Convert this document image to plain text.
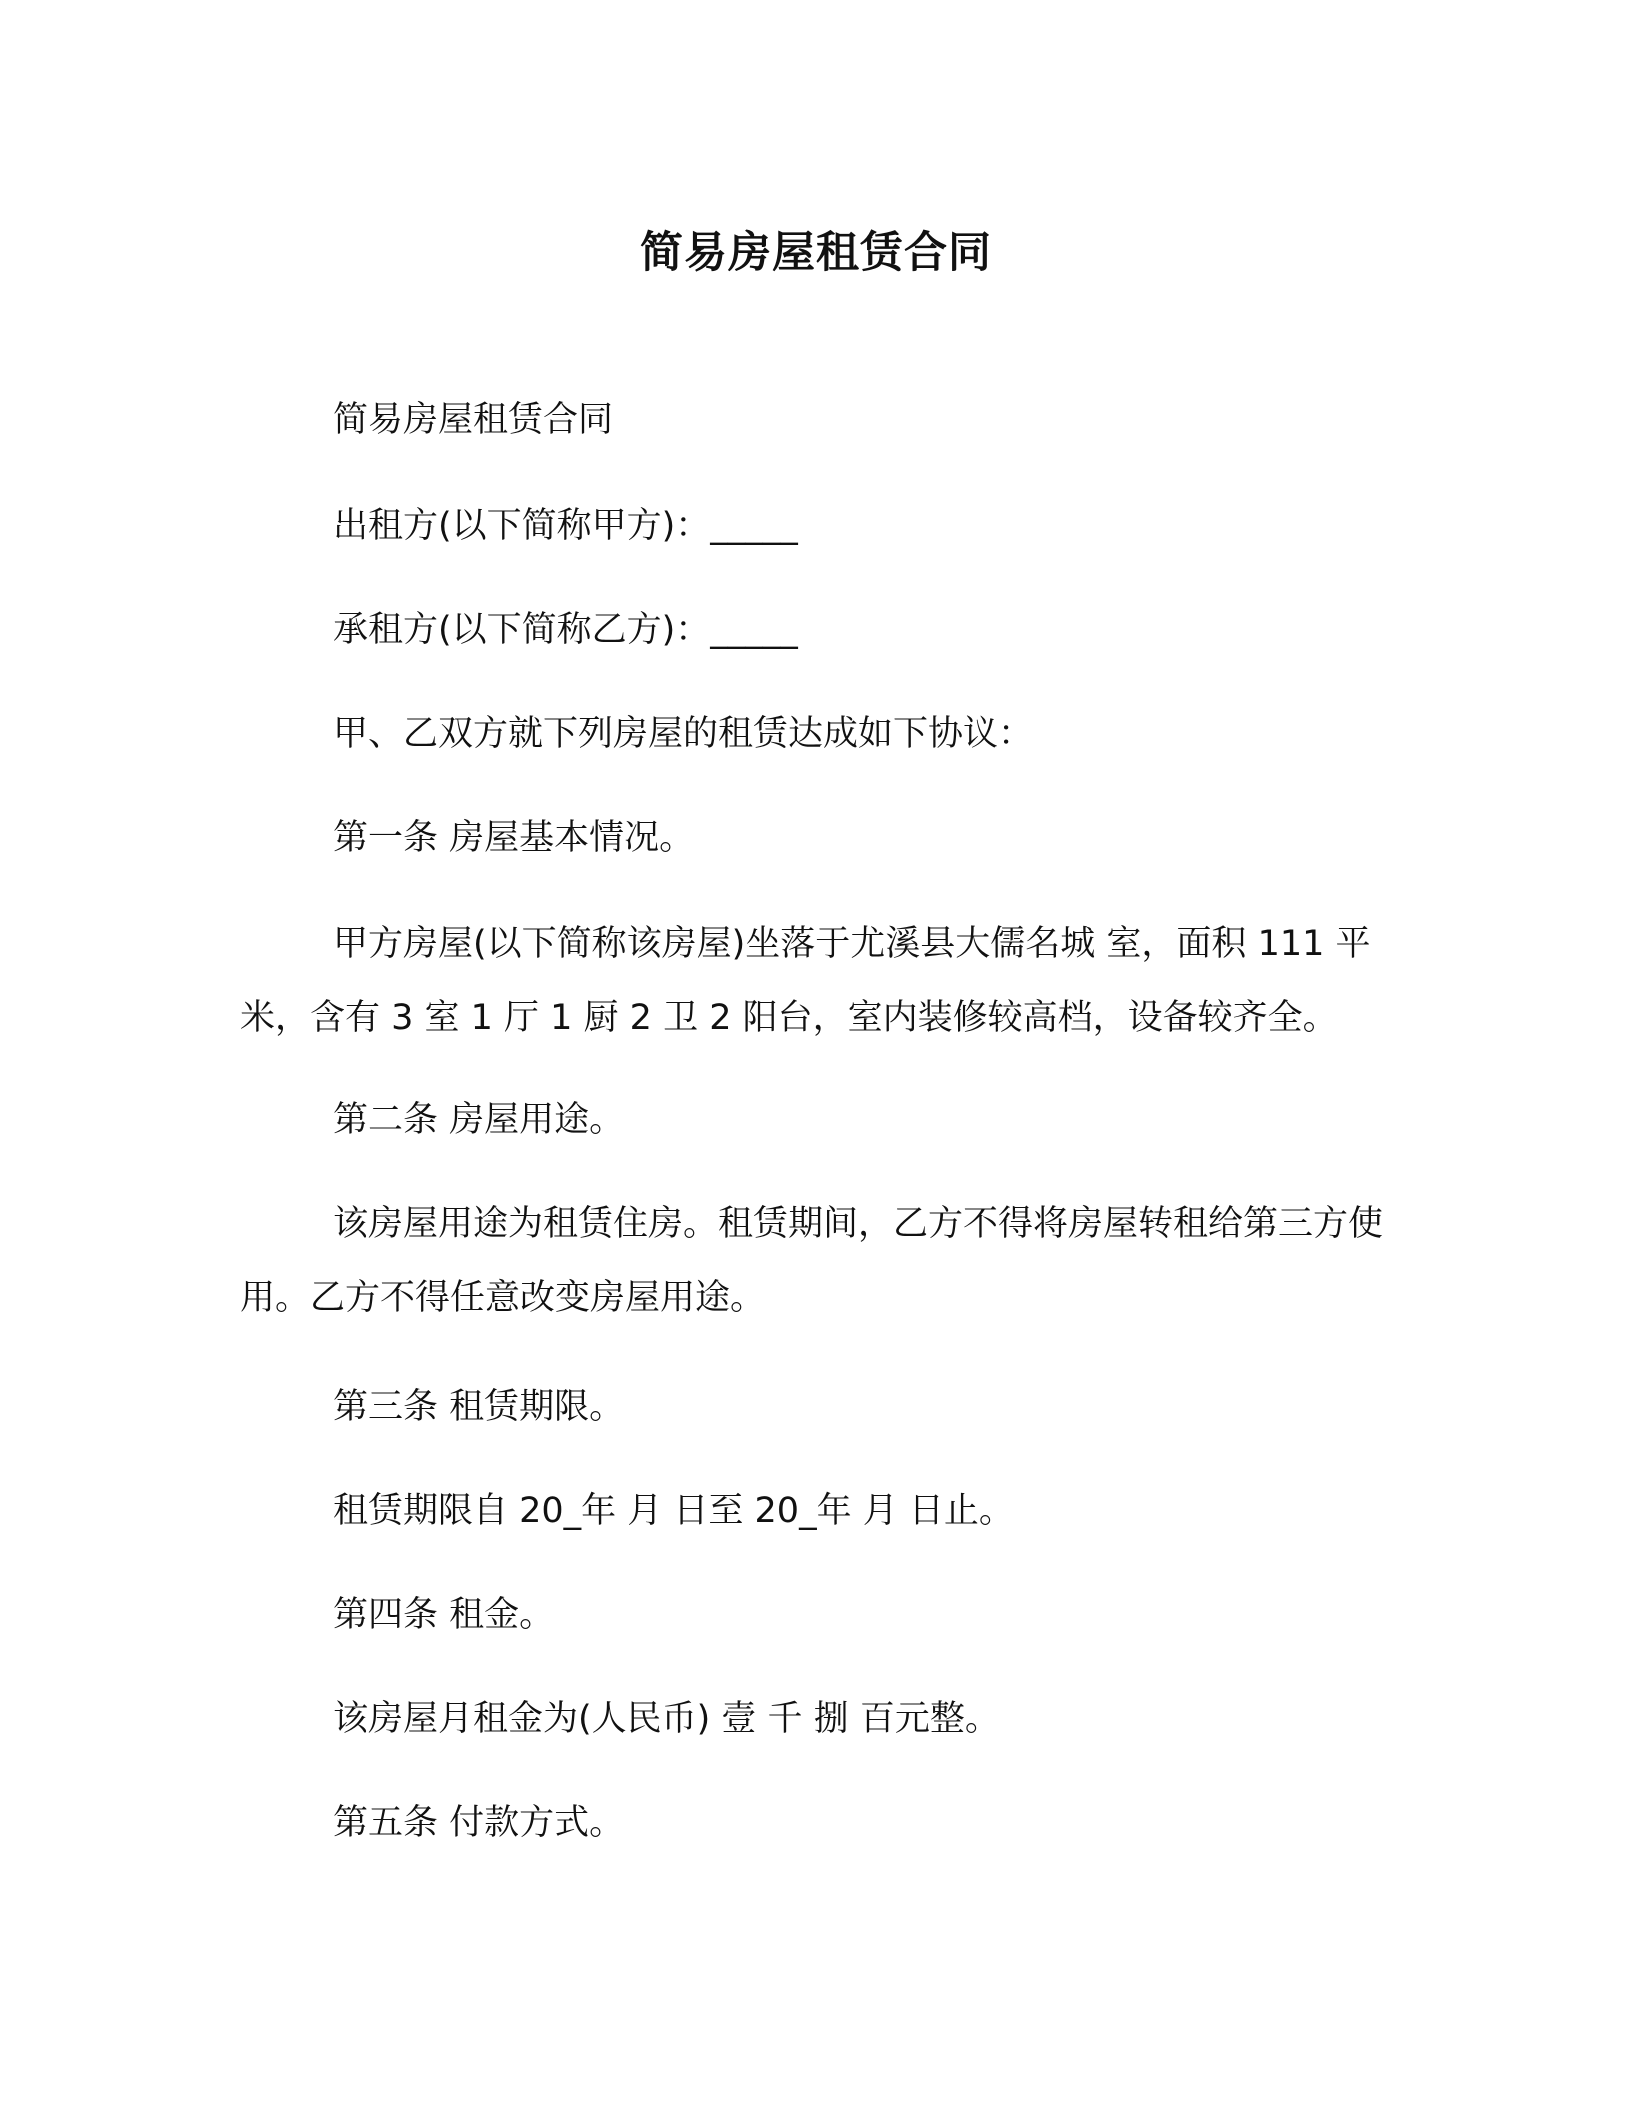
简易房屋租赁合同
简易房屋租赁合同
出租方(以下简称甲方)：_____
承租方(以下简称乙方)：_____
甲、乙双方就下列房屋的租赁达成如下协议：
第一条 房屋基本情况。
甲方房屋(以下简称该房屋)坐落于尤溪县大儒名城 室，面积 111 平米，含有 3 室 1 厅 1 厨 2 卫 2 阳台，室内装修较高档，设备较齐全。
第二条 房屋用途。
该房屋用途为租赁住房。租赁期间，乙方不得将房屋转租给第三方使用。乙方不得任意改变房屋用途。
第三条 租赁期限。
租赁期限自 20_年 月 日至 20_年 月 日止。
第四条 租金。
该房屋月租金为(人民币) 壹 千 捌 百元整。
第五条 付款方式。
